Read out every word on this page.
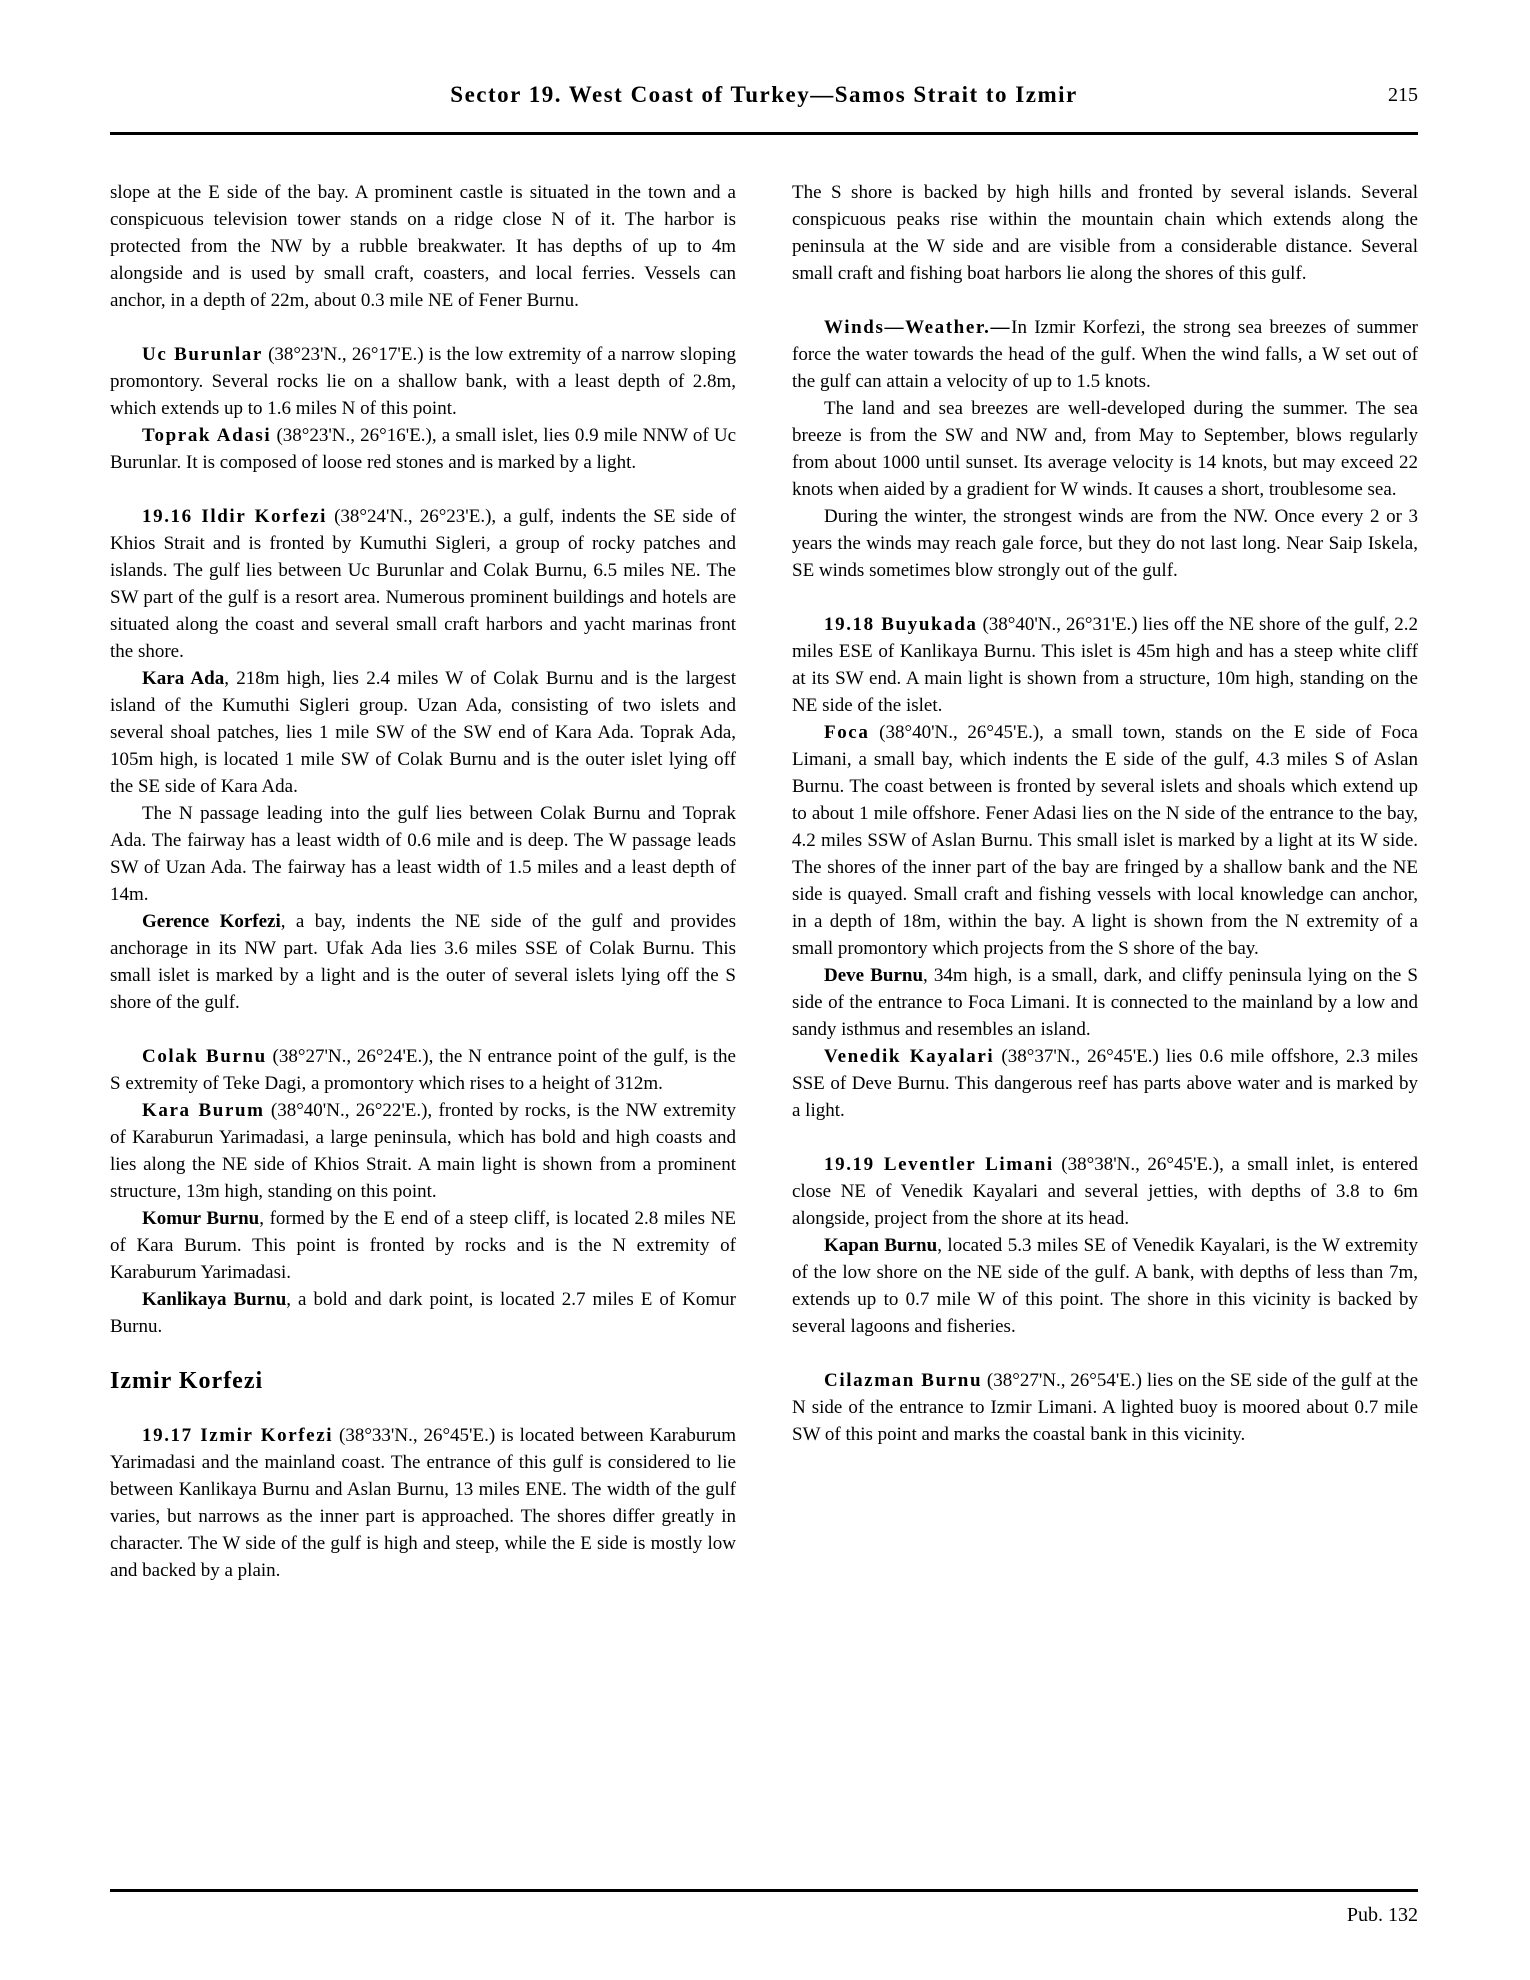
Sector 19. West Coast of Turkey—Samos Strait to Izmir	215

slope at the E side of the bay. A prominent castle is situated in the town and a conspicuous television tower stands on a ridge close N of it. The harbor is protected from the NW by a rubble breakwater. It has depths of up to 4m alongside and is used by small craft, coasters, and local ferries. Vessels can anchor, in a depth of 22m, about 0.3 mile NE of Fener Burnu.

Uc Burunlar (38°23'N., 26°17'E.) is the low extremity of a narrow sloping promontory. Several rocks lie on a shallow bank, with a least depth of 2.8m, which extends up to 1.6 miles N of this point.

Toprak Adasi (38°23'N., 26°16'E.), a small islet, lies 0.9 mile NNW of Uc Burunlar. It is composed of loose red stones and is marked by a light.

19.16 Ildir Korfezi (38°24'N., 26°23'E.), a gulf, indents the SE side of Khios Strait and is fronted by Kumuthi Sigleri, a group of rocky patches and islands. The gulf lies between Uc Burunlar and Colak Burnu, 6.5 miles NE. The SW part of the gulf is a resort area. Numerous prominent buildings and hotels are situated along the coast and several small craft harbors and yacht marinas front the shore.

Kara Ada, 218m high, lies 2.4 miles W of Colak Burnu and is the largest island of the Kumuthi Sigleri group. Uzan Ada, consisting of two islets and several shoal patches, lies 1 mile SW of the SW end of Kara Ada. Toprak Ada, 105m high, is located 1 mile SW of Colak Burnu and is the outer islet lying off the SE side of Kara Ada.

The N passage leading into the gulf lies between Colak Burnu and Toprak Ada. The fairway has a least width of 0.6 mile and is deep. The W passage leads SW of Uzan Ada. The fairway has a least width of 1.5 miles and a least depth of 14m.

Gerence Korfezi, a bay, indents the NE side of the gulf and provides anchorage in its NW part. Ufak Ada lies 3.6 miles SSE of Colak Burnu. This small islet is marked by a light and is the outer of several islets lying off the S shore of the gulf.

Colak Burnu (38°27'N., 26°24'E.), the N entrance point of the gulf, is the S extremity of Teke Dagi, a promontory which rises to a height of 312m.

Kara Burum (38°40'N., 26°22'E.), fronted by rocks, is the NW extremity of Karaburun Yarimadasi, a large peninsula, which has bold and high coasts and lies along the NE side of Khios Strait. A main light is shown from a prominent structure, 13m high, standing on this point.

Komur Burnu, formed by the E end of a steep cliff, is located 2.8 miles NE of Kara Burum. This point is fronted by rocks and is the N extremity of Karaburum Yarimadasi.

Kanlikaya Burnu, a bold and dark point, is located 2.7 miles E of Komur Burnu.

Izmir Korfezi

19.17 Izmir Korfezi (38°33'N., 26°45'E.) is located between Karaburum Yarimadasi and the mainland coast. The entrance of this gulf is considered to lie between Kanlikaya Burnu and Aslan Burnu, 13 miles ENE. The width of the gulf varies, but narrows as the inner part is approached. The shores differ greatly in character. The W side of the gulf is high and steep, while the E side is mostly low and backed by a plain.

The S shore is backed by high hills and fronted by several islands. Several conspicuous peaks rise within the mountain chain which extends along the peninsula at the W side and are visible from a considerable distance. Several small craft and fishing boat harbors lie along the shores of this gulf.

Winds—Weather.—In Izmir Korfezi, the strong sea breezes of summer force the water towards the head of the gulf. When the wind falls, a W set out of the gulf can attain a velocity of up to 1.5 knots.

The land and sea breezes are well-developed during the summer. The sea breeze is from the SW and NW and, from May to September, blows regularly from about 1000 until sunset. Its average velocity is 14 knots, but may exceed 22 knots when aided by a gradient for W winds. It causes a short, troublesome sea.

During the winter, the strongest winds are from the NW. Once every 2 or 3 years the winds may reach gale force, but they do not last long. Near Saip Iskela, SE winds sometimes blow strongly out of the gulf.

19.18 Buyukada (38°40'N., 26°31'E.) lies off the NE shore of the gulf, 2.2 miles ESE of Kanlikaya Burnu. This islet is 45m high and has a steep white cliff at its SW end. A main light is shown from a structure, 10m high, standing on the NE side of the islet.

Foca (38°40'N., 26°45'E.), a small town, stands on the E side of Foca Limani, a small bay, which indents the E side of the gulf, 4.3 miles S of Aslan Burnu. The coast between is fronted by several islets and shoals which extend up to about 1 mile offshore. Fener Adasi lies on the N side of the entrance to the bay, 4.2 miles SSW of Aslan Burnu. This small islet is marked by a light at its W side. The shores of the inner part of the bay are fringed by a shallow bank and the NE side is quayed. Small craft and fishing vessels with local knowledge can anchor, in a depth of 18m, within the bay. A light is shown from the N extremity of a small promontory which projects from the S shore of the bay.

Deve Burnu, 34m high, is a small, dark, and cliffy peninsula lying on the S side of the entrance to Foca Limani. It is connected to the mainland by a low and sandy isthmus and resembles an island.

Venedik Kayalari (38°37'N., 26°45'E.) lies 0.6 mile offshore, 2.3 miles SSE of Deve Burnu. This dangerous reef has parts above water and is marked by a light.

19.19 Leventler Limani (38°38'N., 26°45'E.), a small inlet, is entered close NE of Venedik Kayalari and several jetties, with depths of 3.8 to 6m alongside, project from the shore at its head.

Kapan Burnu, located 5.3 miles SE of Venedik Kayalari, is the W extremity of the low shore on the NE side of the gulf. A bank, with depths of less than 7m, extends up to 0.7 mile W of this point. The shore in this vicinity is backed by several lagoons and fisheries.

Cilazman Burnu (38°27'N., 26°54'E.) lies on the SE side of the gulf at the N side of the entrance to Izmir Limani. A lighted buoy is moored about 0.7 mile SW of this point and marks the coastal bank in this vicinity.

Pub. 132
